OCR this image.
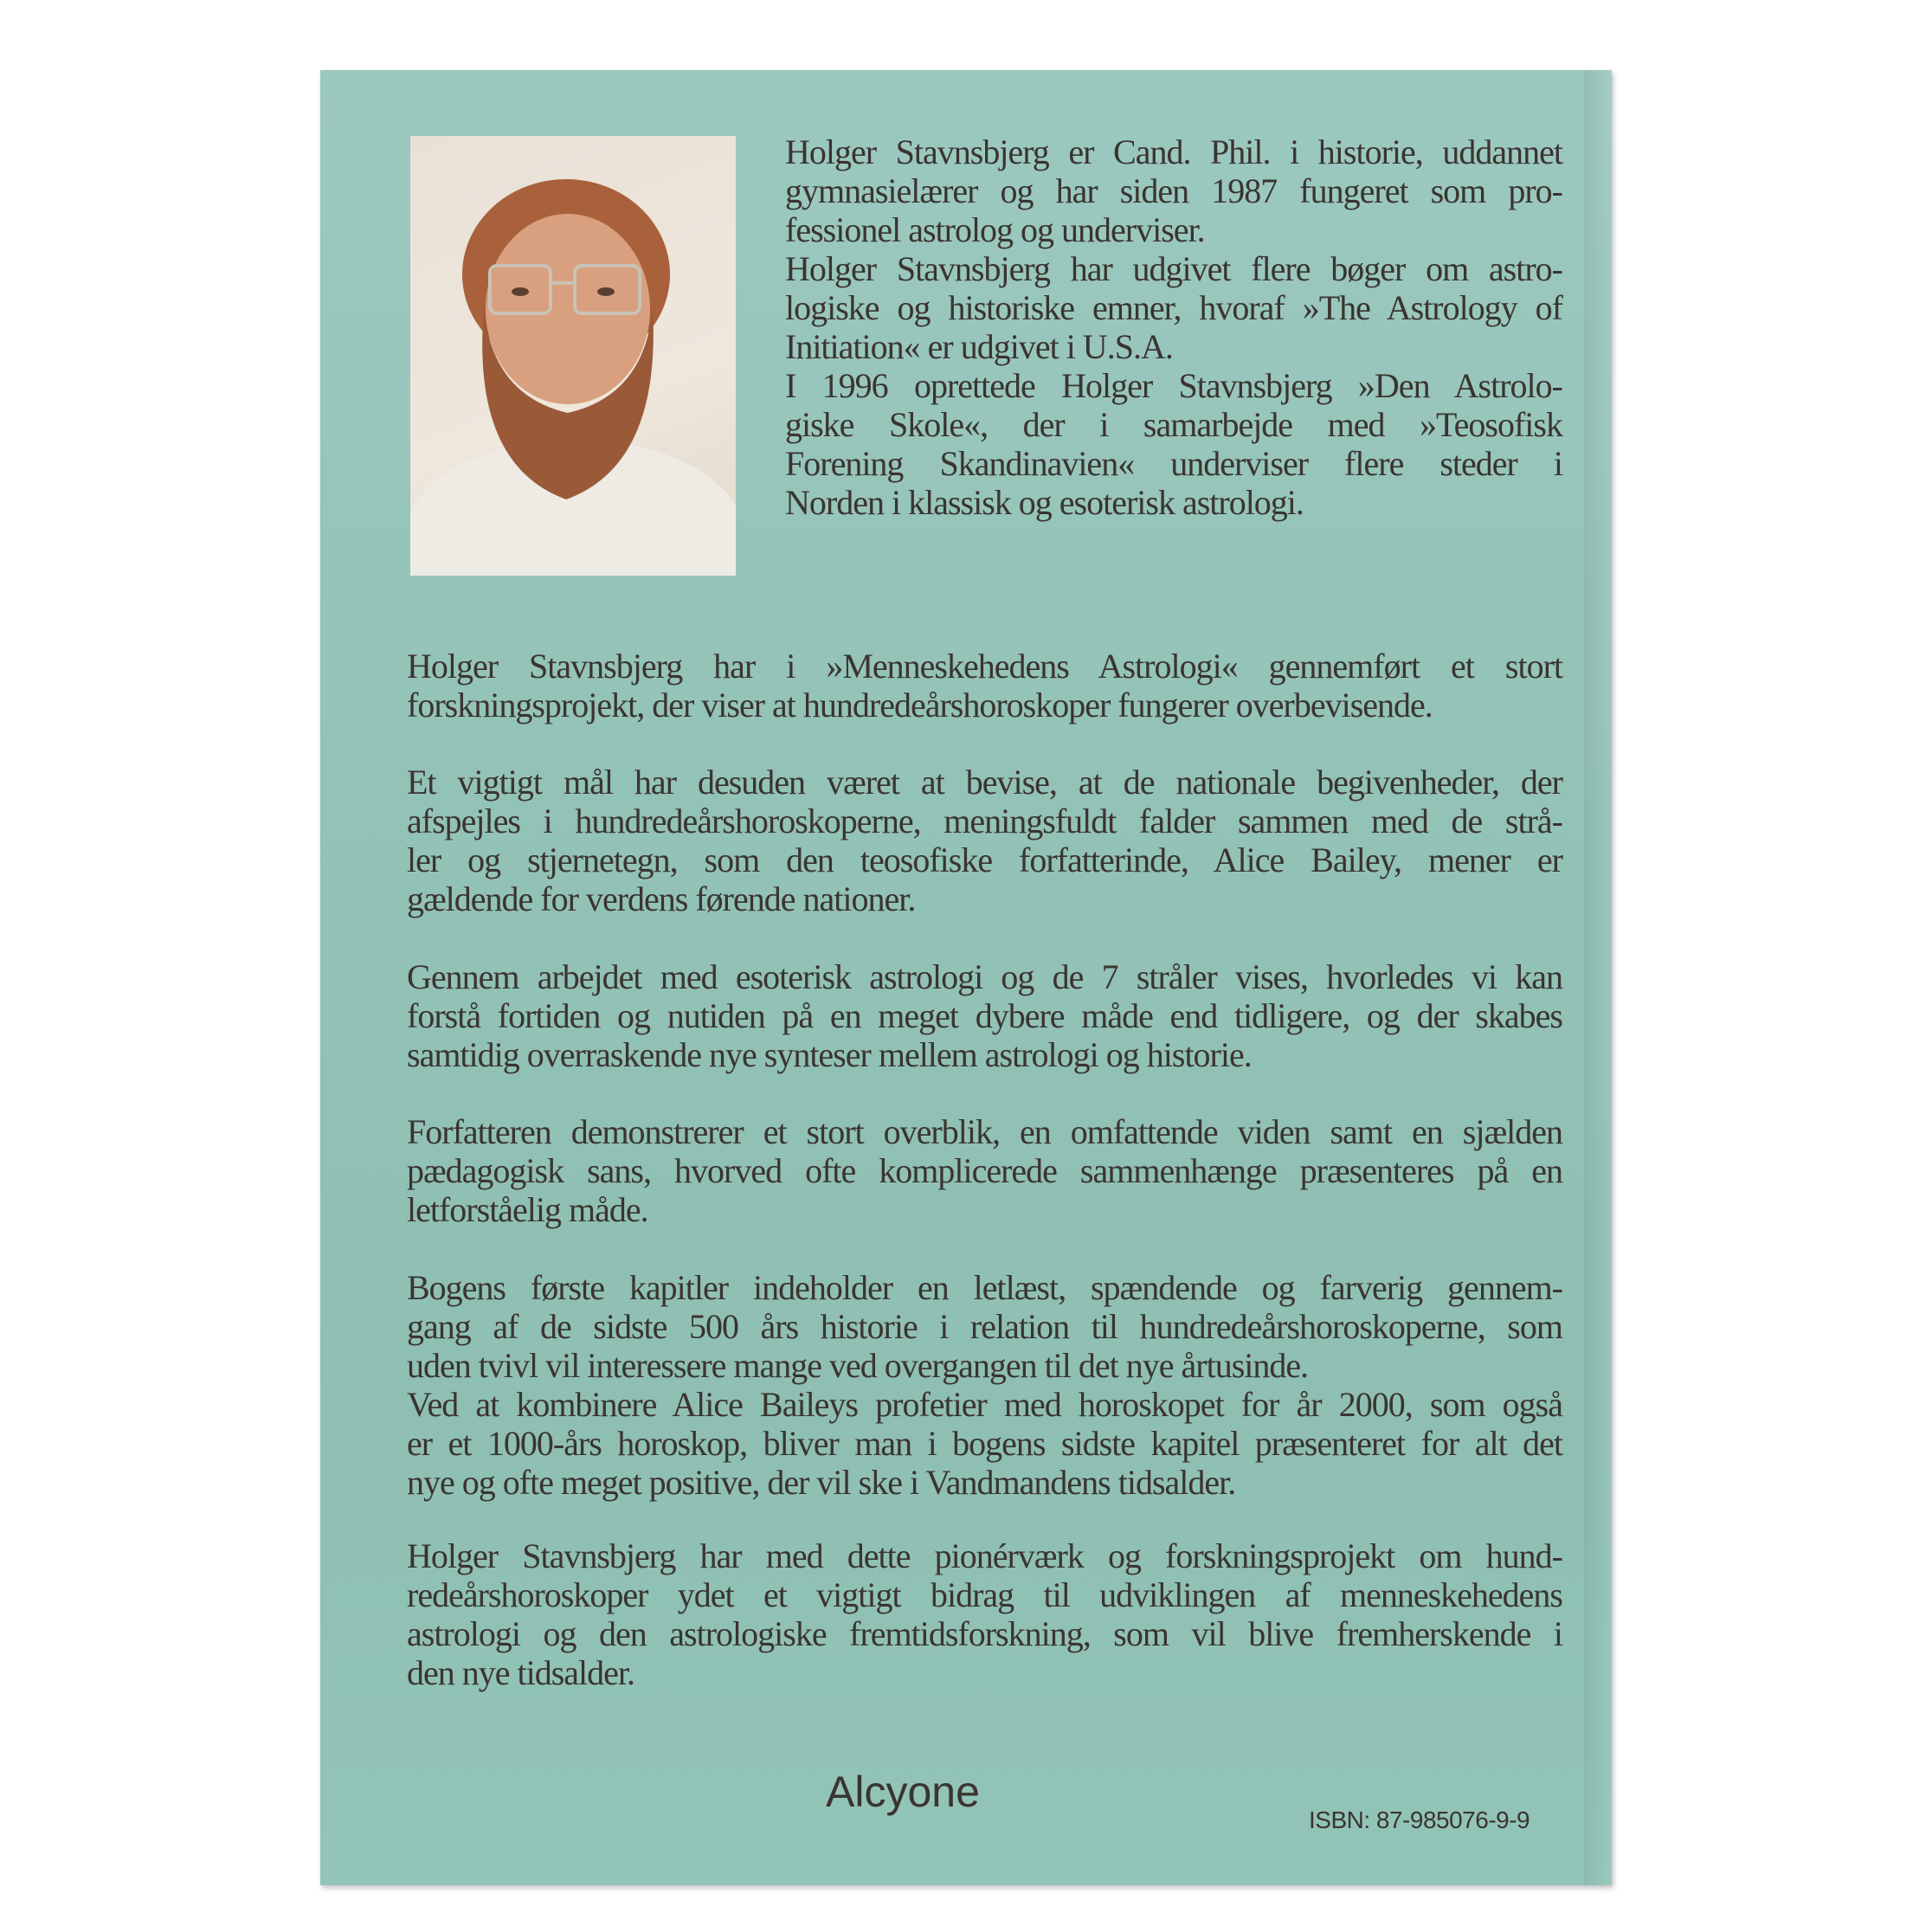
Holger Stavnsbjerg er Cand. Phil. i historie, uddannet
gymnasielærer og har siden 1987 fungeret som pro-
fessionel astrolog og underviser.
Holger Stavnsbjerg har udgivet flere bøger om astro-
logiske og historiske emner, hvoraf »The Astrology of
Initiation« er udgivet i U.S.A.
I 1996 oprettede Holger Stavnsbjerg »Den Astrolo-
giske Skole«, der i samarbejde med »Teosofisk
Forening Skandinavien« underviser flere steder i
Norden i klassisk og esoterisk astrologi.
Holger Stavnsbjerg har i »Menneskehedens Astrologi« gennemført et stort
forskningsprojekt, der viser at hundredeårshoroskoper fungerer overbevisende.
Et vigtigt mål har desuden været at bevise, at de nationale begivenheder, der
afspejles i hundredeårshoroskoperne, meningsfuldt falder sammen med de strå-
ler og stjernetegn, som den teosofiske forfatterinde, Alice Bailey, mener er
gældende for verdens førende nationer.
Gennem arbejdet med esoterisk astrologi og de 7 stråler vises, hvorledes vi kan
forstå fortiden og nutiden på en meget dybere måde end tidligere, og der skabes
samtidig overraskende nye synteser mellem astrologi og historie.
Forfatteren demonstrerer et stort overblik, en omfattende viden samt en sjælden
pædagogisk sans, hvorved ofte komplicerede sammenhænge præsenteres på en
letforståelig måde.
Bogens første kapitler indeholder en letlæst, spændende og farverig gennem-
gang af de sidste 500 års historie i relation til hundredeårshoroskoperne, som
uden tvivl vil interessere mange ved overgangen til det nye årtusinde.
Ved at kombinere Alice Baileys profetier med horoskopet for år 2000, som også
er et 1000-års horoskop, bliver man i bogens sidste kapitel præsenteret for alt det
nye og ofte meget positive, der vil ske i Vandmandens tidsalder.
Holger Stavnsbjerg har med dette pionérværk og forskningsprojekt om hund-
redeårshoroskoper ydet et vigtigt bidrag til udviklingen af menneskehedens
astrologi og den astrologiske fremtidsforskning, som vil blive fremherskende i
den nye tidsalder.
Alcyone
ISBN: 87-985076-9-9
